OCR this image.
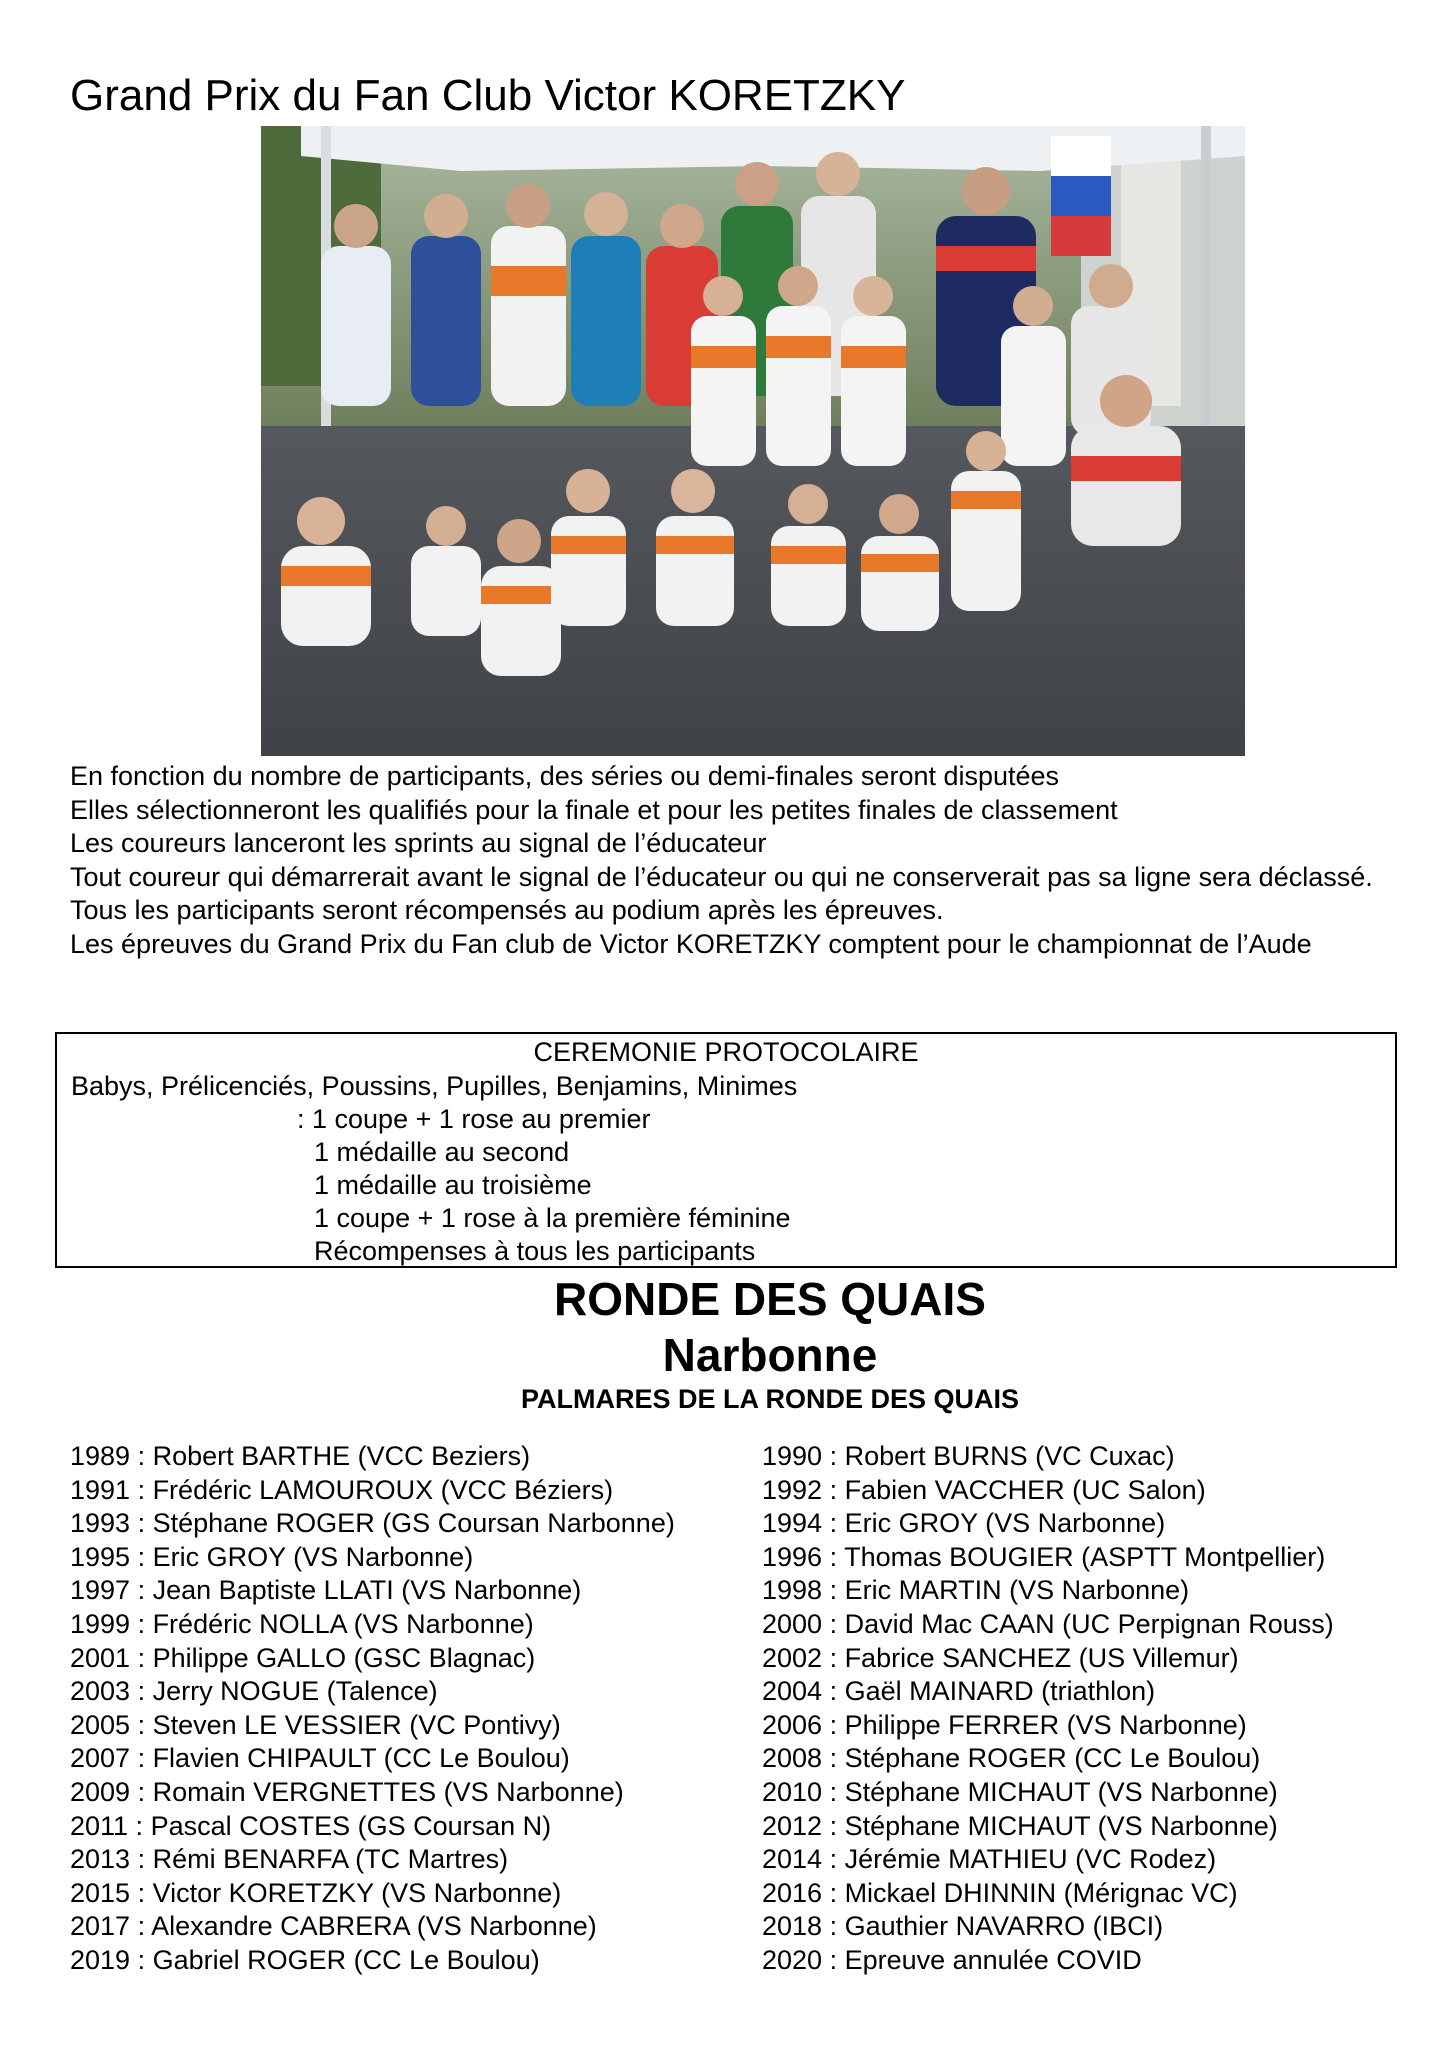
Grand Prix du Fan Club Victor KORETZKY

En fonction du nombre de participants, des séries ou demi-finales seront disputées

Elles sélectionneront les qualifiés pour la finale et pour les petites finales de classement

Les coureurs lanceront les sprints au signal de l’éducateur

Tout coureur qui démarrerait avant le signal de l’éducateur ou qui ne conserverait pas sa ligne sera déclassé.

Tous les participants seront récompensés au podium après les épreuves.

Les épreuves du Grand Prix du Fan club de Victor KORETZKY comptent pour le championnat de l’Aude

CEREMONIE PROTOCOLAIRE
Babys, Prélicenciés, Poussins, Pupilles, Benjamins, Minimes
: 1 coupe + 1 rose au premier
1 médaille au second
1 médaille au troisième
1 coupe + 1 rose à la première féminine
Récompenses à tous les participants
RONDE DES QUAIS
Narbonne
PALMARES DE LA RONDE DES QUAIS
1989 : Robert BARTHE (VCC Beziers)
1991 : Frédéric LAMOUROUX (VCC Béziers)
1993 : Stéphane ROGER (GS Coursan Narbonne)
1995 : Eric GROY (VS Narbonne)
1997 : Jean Baptiste LLATI (VS Narbonne)
1999 : Frédéric NOLLA (VS Narbonne)
2001 : Philippe GALLO (GSC Blagnac)
2003 : Jerry NOGUE (Talence)
2005 : Steven LE VESSIER (VC Pontivy)
2007 : Flavien CHIPAULT (CC Le Boulou)
2009 : Romain VERGNETTES (VS Narbonne)
2011 : Pascal COSTES (GS Coursan N)
2013 : Rémi BENARFA (TC Martres)
2015 : Victor KORETZKY (VS Narbonne)
2017 : Alexandre CABRERA (VS Narbonne)
2019 : Gabriel ROGER (CC Le Boulou)
1990 : Robert BURNS (VC Cuxac)
1992 : Fabien VACCHER (UC Salon)
1994 : Eric GROY (VS Narbonne)
1996 : Thomas BOUGIER (ASPTT Montpellier)
1998 : Eric MARTIN (VS Narbonne)
2000 : David Mac CAAN (UC Perpignan Rouss)
2002 : Fabrice SANCHEZ (US Villemur)
2004 : Gaël MAINARD (triathlon)
2006 : Philippe FERRER (VS Narbonne)
2008 : Stéphane ROGER (CC Le Boulou)
2010 : Stéphane MICHAUT (VS Narbonne)
2012 : Stéphane MICHAUT (VS Narbonne)
2014 : Jérémie MATHIEU (VC Rodez)
2016 : Mickael DHINNIN (Mérignac VC)
2018 : Gauthier NAVARRO (IBCI)
2020 : Epreuve annulée COVID
